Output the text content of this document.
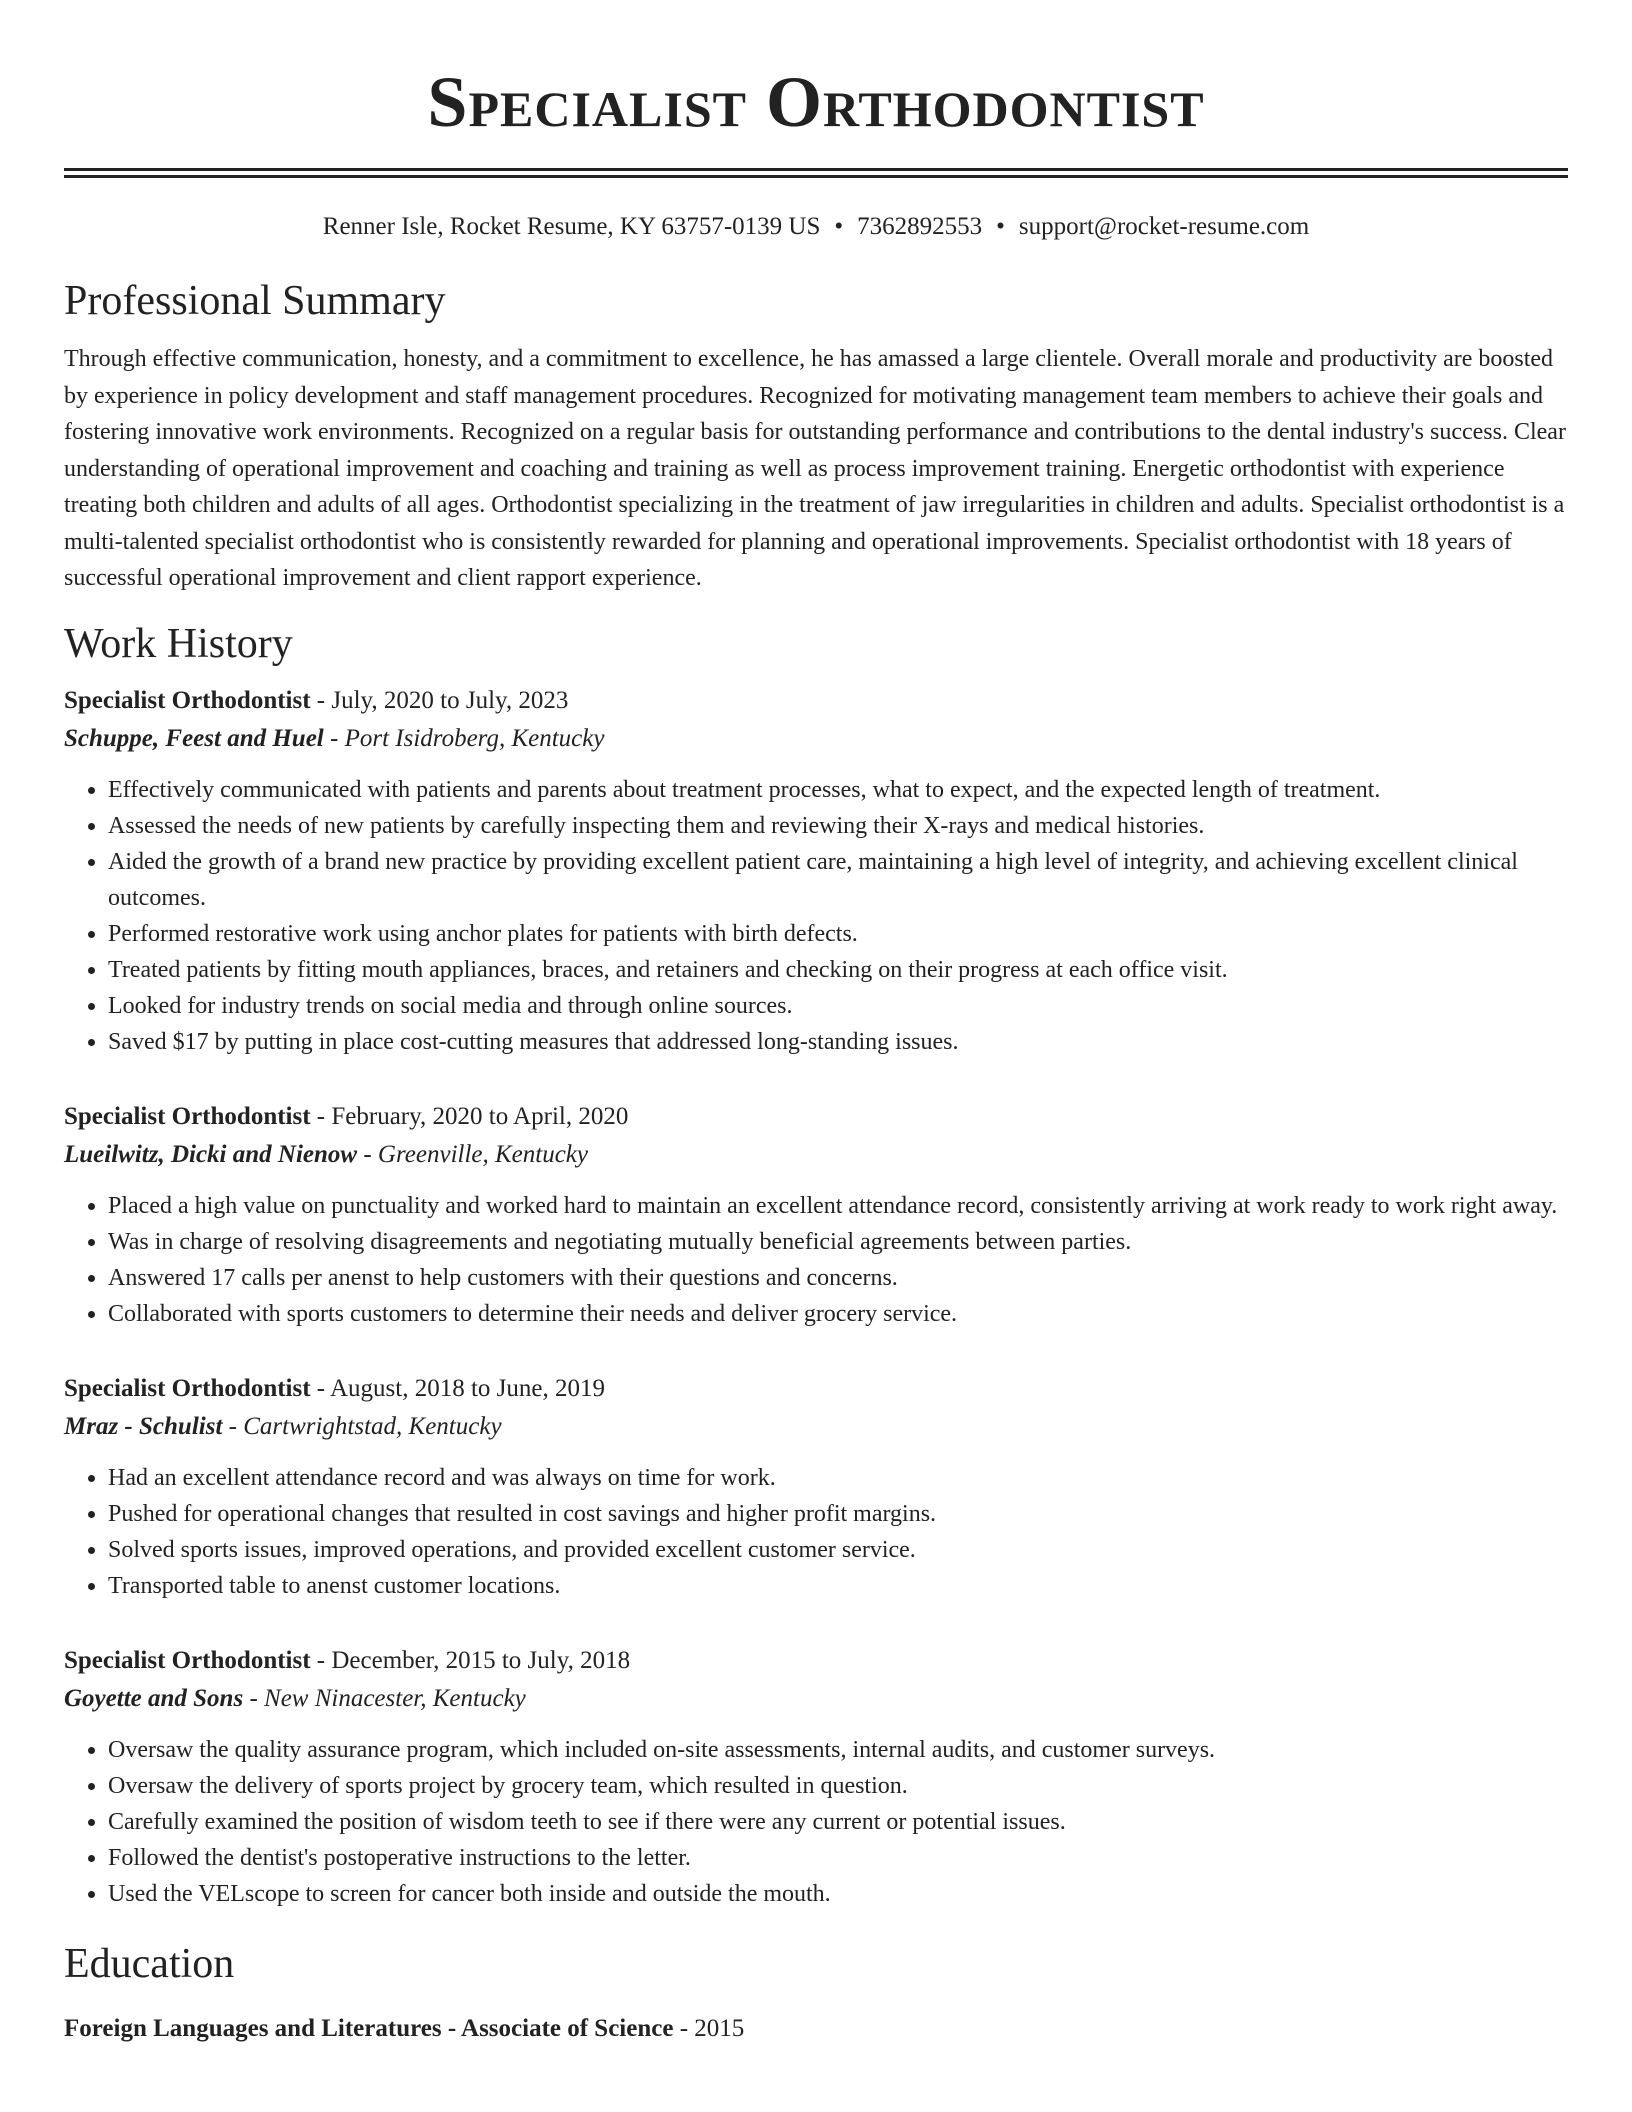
Specialist Orthodontist
Renner Isle, Rocket Resume, KY 63757-0139 US • 7362892553 • support@rocket-resume.com
Professional Summary

Through effective communication, honesty, and a commitment to excellence, he has amassed a large clientele. Overall morale and productivity are boosted by experience in policy development and staff management procedures. Recognized for motivating management team members to achieve their goals and fostering innovative work environments. Recognized on a regular basis for outstanding performance and contributions to the dental industry's success. Clear understanding of operational improvement and coaching and training as well as process improvement training. Energetic orthodontist with experience treating both children and adults of all ages. Orthodontist specializing in the treatment of jaw irregularities in children and adults. Specialist orthodontist is a multi-talented specialist orthodontist who is consistently rewarded for planning and operational improvements. Specialist orthodontist with 18 years of successful operational improvement and client rapport experience.

Work History
Specialist Orthodontist - July, 2020 to July, 2023
Schuppe, Feest and Huel - Port Isidroberg, Kentucky
• Effectively communicated with patients and parents about treatment processes, what to expect, and the expected length of treatment.
• Assessed the needs of new patients by carefully inspecting them and reviewing their X-rays and medical histories.
• Aided the growth of a brand new practice by providing excellent patient care, maintaining a high level of integrity, and achieving excellent clinical outcomes.
• Performed restorative work using anchor plates for patients with birth defects.
• Treated patients by fitting mouth appliances, braces, and retainers and checking on their progress at each office visit.
• Looked for industry trends on social media and through online sources.
• Saved $17 by putting in place cost-cutting measures that addressed long-standing issues.
Specialist Orthodontist - February, 2020 to April, 2020
Lueilwitz, Dicki and Nienow - Greenville, Kentucky
• Placed a high value on punctuality and worked hard to maintain an excellent attendance record, consistently arriving at work ready to work right away.
• Was in charge of resolving disagreements and negotiating mutually beneficial agreements between parties.
• Answered 17 calls per anenst to help customers with their questions and concerns.
• Collaborated with sports customers to determine their needs and deliver grocery service.
Specialist Orthodontist - August, 2018 to June, 2019
Mraz - Schulist - Cartwrightstad, Kentucky
• Had an excellent attendance record and was always on time for work.
• Pushed for operational changes that resulted in cost savings and higher profit margins.
• Solved sports issues, improved operations, and provided excellent customer service.
• Transported table to anenst customer locations.
Specialist Orthodontist - December, 2015 to July, 2018
Goyette and Sons - New Ninacester, Kentucky
• Oversaw the quality assurance program, which included on-site assessments, internal audits, and customer surveys.
• Oversaw the delivery of sports project by grocery team, which resulted in question.
• Carefully examined the position of wisdom teeth to see if there were any current or potential issues.
• Followed the dentist's postoperative instructions to the letter.
• Used the VELscope to screen for cancer both inside and outside the mouth.
Education
Foreign Languages and Literatures - Associate of Science - 2015
